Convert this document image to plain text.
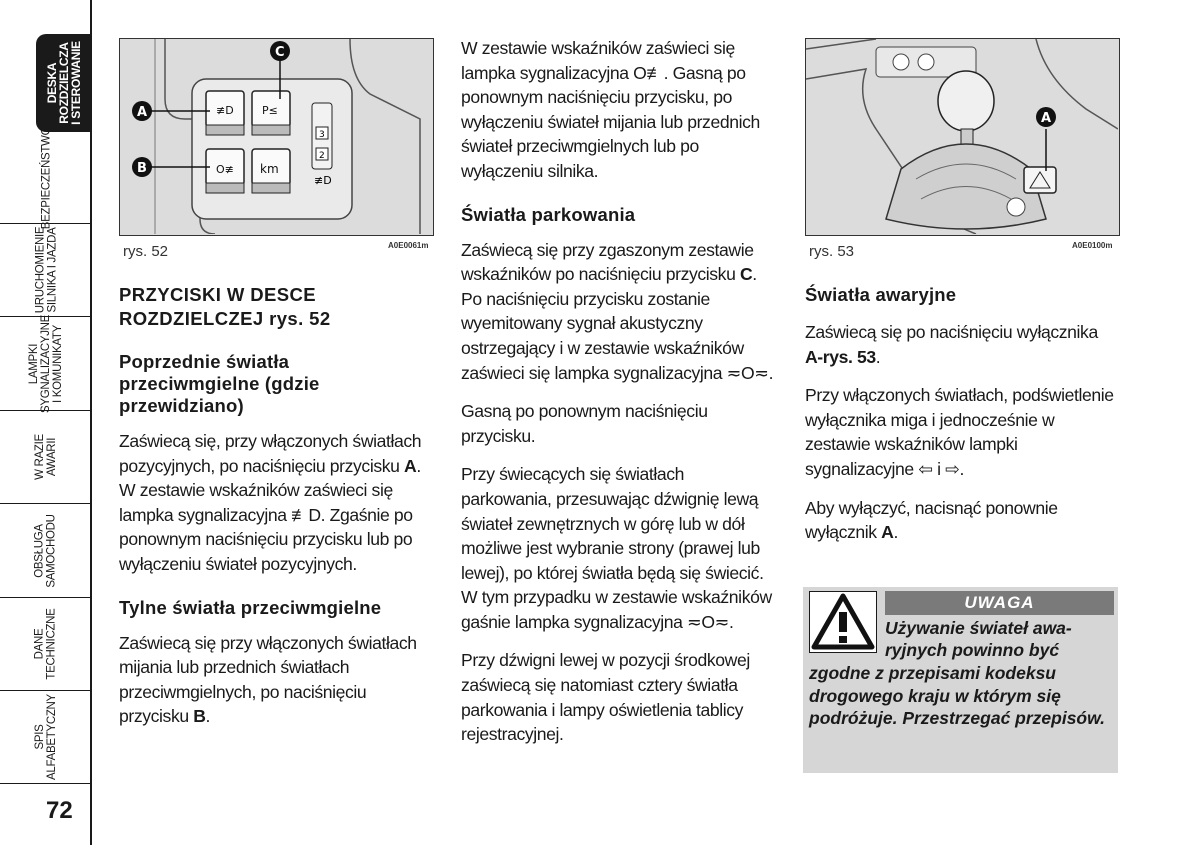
DESKA
ROZDZIELCZA
I STEROWANIE
BEZPIECZEŃSTWO
URUCHOMIENIE
SILNIKA I JAZDA
LAMPKI
SYGNALIZACYJNE
I KOMUNIKATY
W RAZIE
AWARII
OBSŁUGA
SAMOCHODU
DANE
TECHNICZNE
SPIS
ALFABETYCZNY
72
≢D	P≤
O≢ km
3
2
≢D
A
B
C
rys. 52	A0E0061m
PRZYCISKI W DESCE ROZDZIELCZEJ rys. 52
Poprzednie światła przeciwmgielne (gdzie przewidziano)

Zaświecą się, przy włączonych światłach pozycyjnych, po naciśnięciu przycisku A. W zestawie wskaźników zaświeci się lampka sygnalizacyjna ≢D. Zgaśnie po ponownym naciśnięciu przycisku lub po wyłączeniu świateł pozycyjnych.

Tylne światła przeciwmgielne

Zaświecą się przy włączonych światłach mijania lub przednich światłach przeciwmgielnych, po naciśnięciu przycisku B.

W zestawie wskaźników zaświeci się lampka sygnalizacyjna O≢. Gasną po ponownym naciśnięciu przycisku, po wyłączeniu świateł mijania lub przednich świateł przeciwmgielnych lub po wyłączeniu silnika.

Światła parkowania

Zaświecą się przy zgaszonym zestawie wskaźników po naciśnięciu przycisku C. Po naciśnięciu przycisku zostanie wyemitowany sygnał akustyczny ostrzegający i w zestawie wskaźników zaświeci się lampka sygnalizacyjna ≂O≂.

Gasną po ponownym naciśnięciu przycisku.

Przy świecących się światłach parkowania, przesuwając dźwignię lewą świateł zewnętrznych w górę lub w dół możliwe jest wybranie strony (prawej lub lewej), po której światła będą się świecić. W tym przypadku w zestawie wskaźników gaśnie lampka sygnalizacyjna ≂O≂.

Przy dźwigni lewej w pozycji środkowej zaświecą się natomiast cztery światła parkowania i lampy oświetlenia tablicy rejestracyjnej.

A
rys. 53	A0E0100m
Światła awaryjne

Zaświecą się po naciśnięciu wyłącznika A-rys. 53.

Przy włączonych światłach, podświetlenie wyłącznika miga i jednocześnie w zestawie wskaźników lampki sygnalizacyjne ⇦ i ⇨.

Aby wyłączyć, nacisnąć ponownie wyłącznik A.

UWAGA
Używanie świateł awa-
ryjnych powinno być
zgodne z przepisami kodeksu drogowego kraju w którym się podróżuje. Przestrzegać przepisów.
